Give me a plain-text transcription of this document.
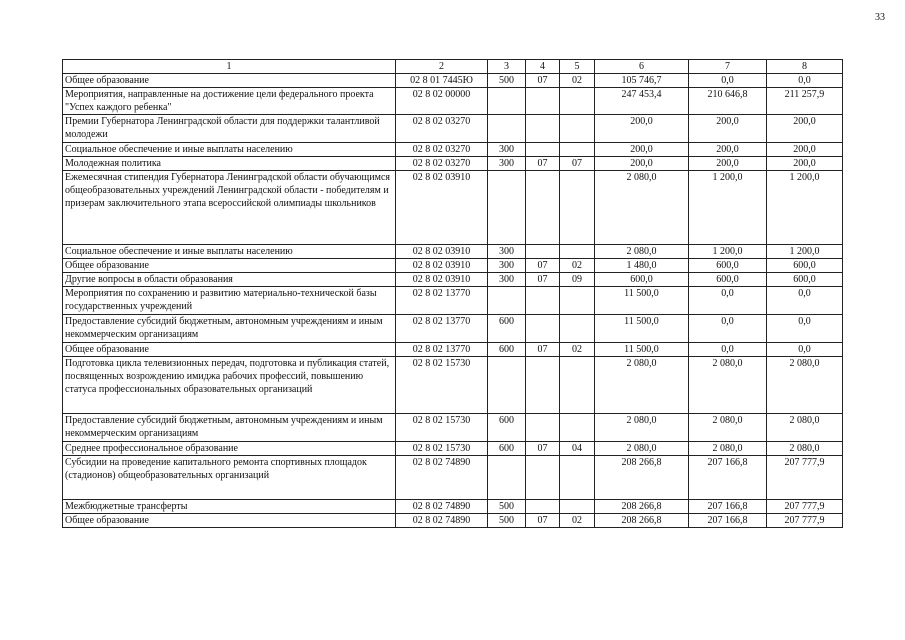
33
1	2	3	4	5	6	7	8
Общее образование	02 8 01 7445Ю	500	07	02	105 746,7	0,0	0,0
Мероприятия, направленные на достижение цели федерального проекта "Успех каждого ребенка"	02 8 02 00000				247 453,4	210 646,8	211 257,9
Премии Губернатора Ленинградской области для поддержки талантливой молодежи	02 8 02 03270				200,0	200,0	200,0
Социальное обеспечение и иные выплаты населению	02 8 02 03270	300			200,0	200,0	200,0
Молодежная политика	02 8 02 03270	300	07	07	200,0	200,0	200,0
Ежемесячная стипендия Губернатора Ленинградской области обучающимся общеобразовательных учреждений Ленинградской области - победителям и призерам заключительного этапа всероссийской олимпиады школьников	02 8 02 03910				2 080,0	1 200,0	1 200,0
Социальное обеспечение и иные выплаты населению	02 8 02 03910	300			2 080,0	1 200,0	1 200,0
Общее образование	02 8 02 03910	300	07	02	1 480,0	600,0	600,0
Другие вопросы в области образования	02 8 02 03910	300	07	09	600,0	600,0	600,0
Мероприятия по сохранению и развитию материально-технической базы государственных учреждений	02 8 02 13770				11 500,0	0,0	0,0
Предоставление субсидий бюджетным, автономным учреждениям и иным некоммерческим организациям	02 8 02 13770	600			11 500,0	0,0	0,0
Общее образование	02 8 02 13770	600	07	02	11 500,0	0,0	0,0
Подготовка цикла телевизионных передач, подготовка и публикация статей, посвященных возрождению имиджа рабочих профессий, повышению статуса профессиональных образовательных организаций	02 8 02 15730				2 080,0	2 080,0	2 080,0
Предоставление субсидий бюджетным, автономным учреждениям и иным некоммерческим организациям	02 8 02 15730	600			2 080,0	2 080,0	2 080,0
Среднее профессиональное образование	02 8 02 15730	600	07	04	2 080,0	2 080,0	2 080,0
Субсидии на проведение капитального ремонта спортивных площадок (стадионов) общеобразовательных организаций	02 8 02 74890				208 266,8	207 166,8	207 777,9
Межбюджетные трансферты	02 8 02 74890	500			208 266,8	207 166,8	207 777,9
Общее образование	02 8 02 74890	500	07	02	208 266,8	207 166,8	207 777,9
